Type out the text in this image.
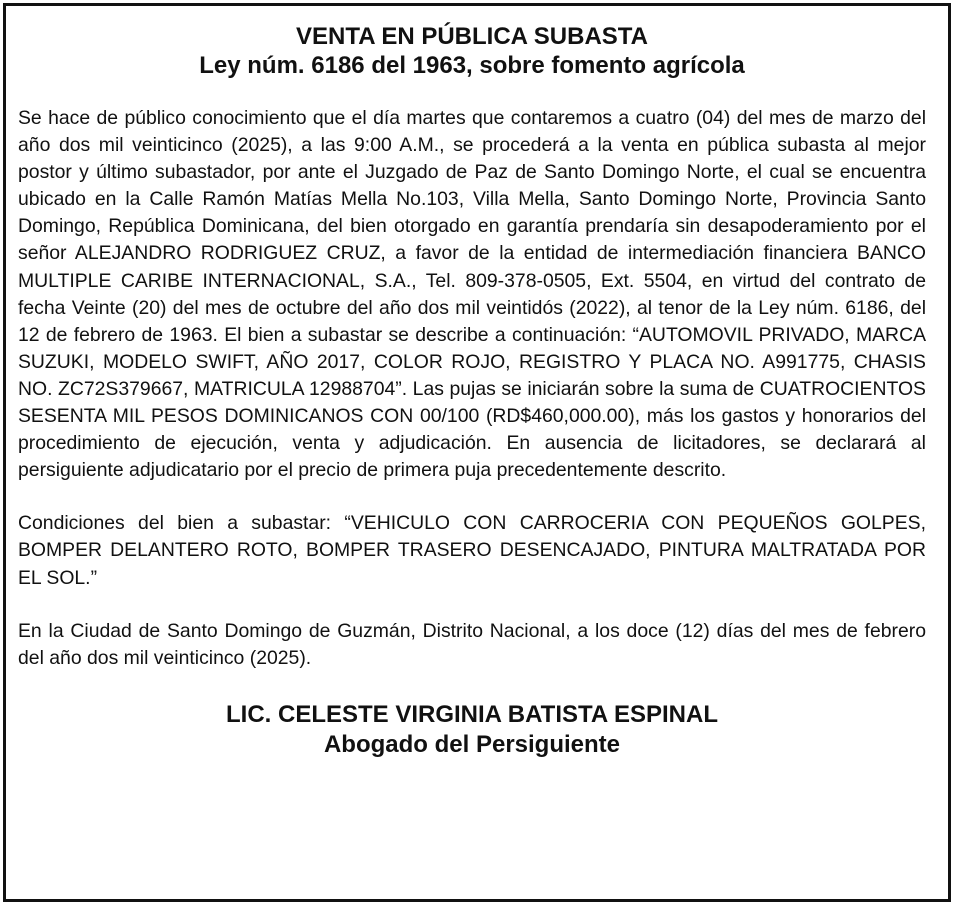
VENTA EN PÚBLICA SUBASTA
Ley núm. 6186 del 1963, sobre fomento agrícola

Se hace de público conocimiento que el día martes que contaremos a cuatro (04) del mes de marzo del año dos mil veinticinco (2025), a las 9:00 A.M., se procederá a la venta en pública subasta al mejor postor y último subastador, por ante el Juzgado de Paz de Santo Domingo Norte, el cual se encuentra ubicado en la Calle Ramón Matías Mella No.103, Villa Mella, Santo Domingo Norte, Provincia Santo Domingo, República Dominicana, del bien otorgado en garantía prendaría sin desapoderamiento por el señor ALEJANDRO RODRIGUEZ CRUZ, a favor de la entidad de intermediación financiera BANCO MULTIPLE CARIBE INTERNACIONAL, S.A., Tel. 809-378-0505, Ext. 5504, en virtud del contrato de fecha Veinte (20) del mes de octubre del año dos mil veintidós (2022), al tenor de la Ley núm. 6186, del 12 de febrero de 1963. El bien a subastar se describe a continuación: “AUTOMOVIL PRIVADO, MARCA SUZUKI, MODELO SWIFT, AÑO 2017, COLOR ROJO, REGISTRO Y PLACA NO. A991775, CHASIS NO. ZC72S379667, MATRICULA 12988704”. Las pujas se iniciarán sobre la suma de CUATROCIENTOS SESENTA MIL PESOS DOMINICANOS CON 00/100 (RD$460,000.00), más los gastos y honorarios del procedimiento de ejecución, venta y adjudicación. En ausencia de licitadores, se declarará al persiguiente adjudicatario por el precio de primera puja precedentemente descrito.

Condiciones del bien a subastar: “VEHICULO CON CARROCERIA CON PEQUEÑOS GOLPES, BOMPER DELANTERO ROTO, BOMPER TRASERO DESENCAJADO, PINTURA MALTRATADA POR EL SOL.”

En la Ciudad de Santo Domingo de Guzmán, Distrito Nacional, a los doce (12) días del mes de febrero del año dos mil veinticinco (2025).

LIC. CELESTE VIRGINIA BATISTA ESPINAL
Abogado del Persiguiente
